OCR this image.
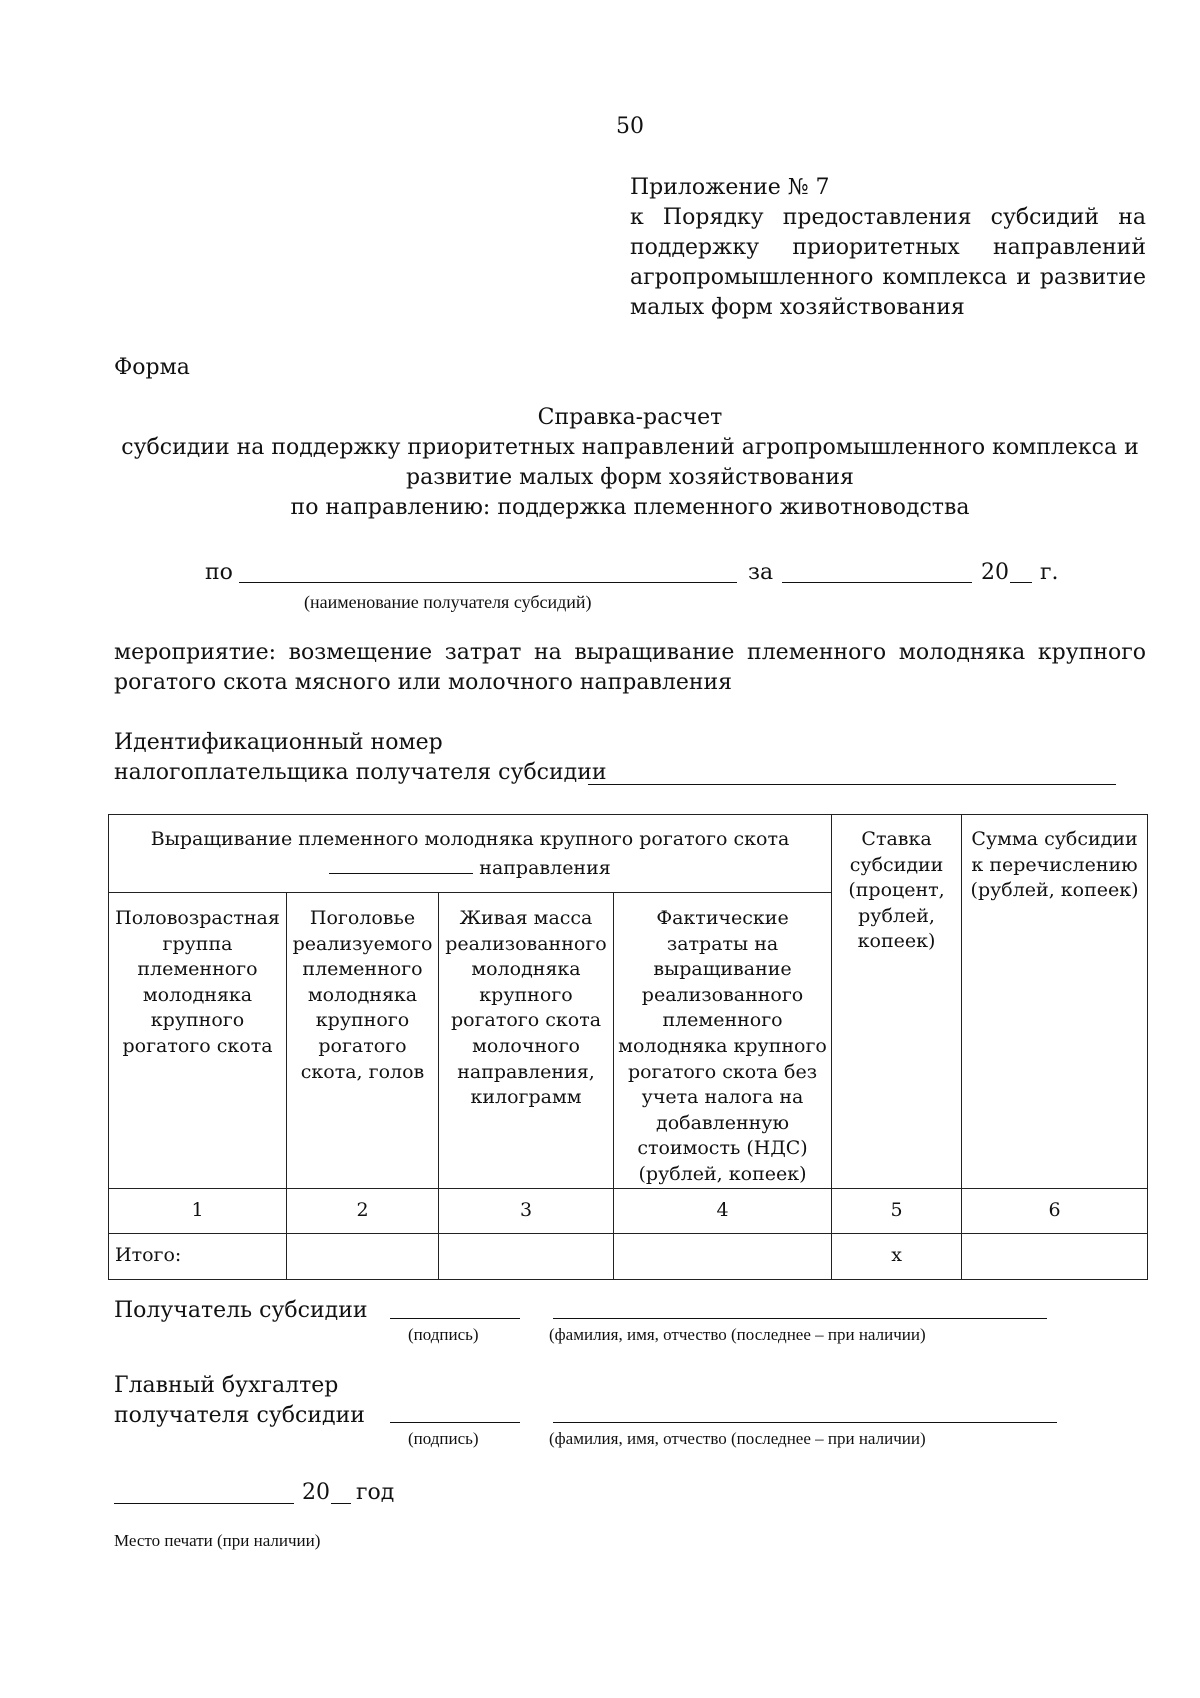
50
Приложение № 7
к Порядку предоставления субсидий на
поддержку приоритетных направлений
агропромышленного комплекса и развитие
малых форм хозяйствования
Форма
Справка-расчет
субсидии на поддержку приоритетных направлений агропромышленного комплекса и
развитие малых форм хозяйствования
по направлению: поддержка племенного животноводства
по	за	20 г.
(наименование получателя субсидий)
мероприятие: возмещение затрат на выращивание племенного молодняка крупного
рогатого скота мясного или молочного направления
Идентификационный номер
налогоплательщика получателя субсидии
Выращивание племенного молодняка крупного рогатого скота
направления				Ставка субсидии (процент, рублей, копеек)	Сумма субсидии к перечислению (рублей, копеек)
Половозрастная группа племенного молодняка крупного рогатого скота	Поголовье реализуемого племенного молодняка крупного рогатого скота, голов	Живая масса реализованного молодняка крупного рогатого скота молочного направления, килограмм	Фактические затраты на выращивание реализованного племенного молодняка крупного рогатого скота без учета налога на добавленную стоимость (НДС) (рублей, копеек)		
1	2	3	4	5	6
Итого:				x	
Получатель субсидии
(подпись)	(фамилия, имя, отчество (последнее – при наличии)
Главный бухгалтер
получателя субсидии
(подпись)	(фамилия, имя, отчество (последнее – при наличии)
20 год
Место печати (при наличии)
